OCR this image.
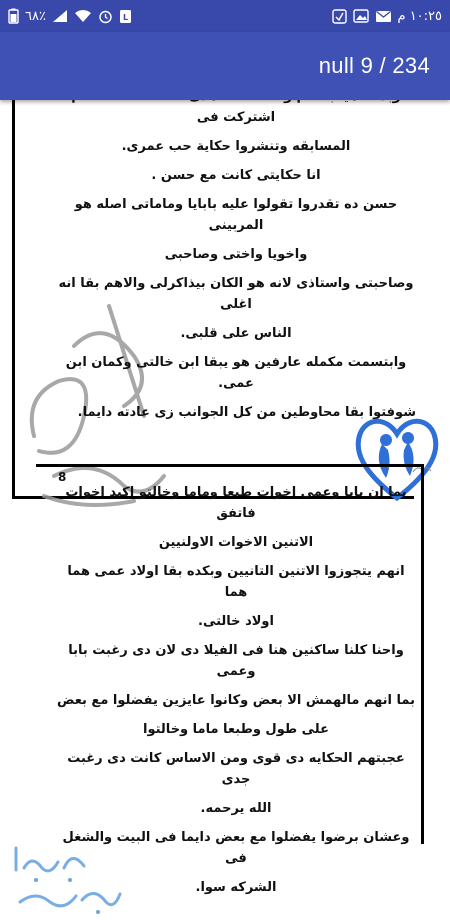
٦٨٪	L	١٠:٢٥ م
null 9 / 234
اشتركت فى
المسابقه وتنشروا حكاية حب عمرى.
انا حكايتى كانت مع حسن .
حسن ده تقدروا تقولوا عليه بابايا وماماتى اصله هو المربينى
واخويا واختى وصاحبى
وصاحبتى واستاذى لانه هو الكان بيذاكرلى والاهم بقا انه اغلى
الناس على قلبى.
وابتسمت مكمله عارفين هو يبقا ابن خالتى وكمان ابن عمى.
شوفتوا بقا محاوطين من كل الجوانب زى عادته دايما.
8
بما ان بابا وعمى اخوات طبعا وماما وخالتو اكيد اخوات فاتفق
الاتنين الاخوات الاولنيين
انهم يتجوزوا الاتنين التانيين وبكده بقا اولاد عمى هما هما
اولاد خالتى.
واحنا كلنا ساكنين هنا فى الفيلا دى لان دى رغبت بابا وعمى
بما انهم مالهمش الا بعض وكانوا عايزين يفضلوا مع بعض
على طول وطبعا ماما وخالتوا
عجبتهم الحكايه دى قوى ومن الاساس كانت دى رغبت جدى
الله يرحمه.
وعشان برضوا يفضلوا مع بعض دايما فى البيت والشغل فى
الشركه سوا.
